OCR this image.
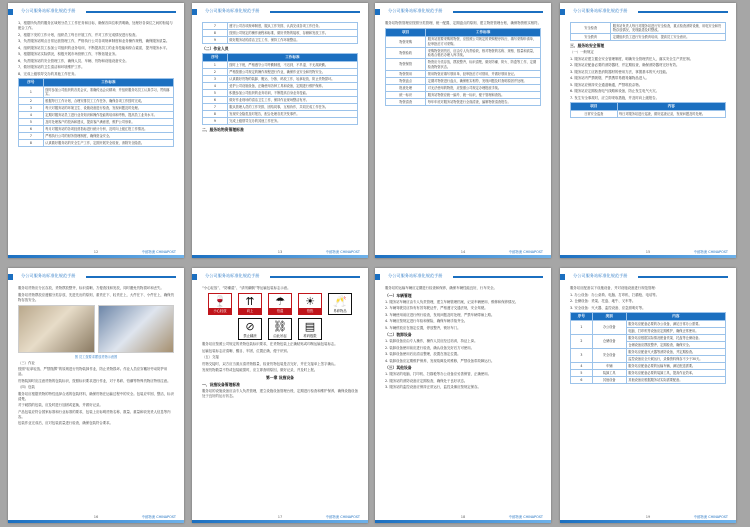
分公司服务站标准化规范手册

1、根据所负责的服务区域划分员工工作任务和目标，确保各岗位职责明确，处理好各岗位之间的衔接与配合工作。

2、根据下发的工作计划，组织员工每日开展工作，并对工作完成情况进行检查。

3、负责服务站网点日常运营管理工作，严格执行公司各项规章制度和业务操作规程，确保服务质量。

4、组织服务站员工参加公司组织的业务培训，不断提高员工的业务技能和综合素质，提升服务水平。

5、根据服务站实际情况，积极开展市场营销工作，不断拓展业务。

6、负责服务站的安全管理工作，确保人员、车辆、货物和设施设备安全。

7、做好服务站的卫生清洁和环境维护工作。

8、完成上级领导交办的其他工作任务。

序号	工作标准
1	按时参加公司组织的各类会议，准确传达会议精神，并组织服务站员工认真学习，贯彻落实。
2	根据每日工作计划，合理安排员工工作任务，确保各项工作按时完成。
3	每天对服务站的环境卫生、设施设备进行检查，发现问题及时处理。
4	定期对服务站员工进行业务知识和操作技能的培训和考核，提高员工业务水平。
5	及时处理客户的投诉和建议，提高客户满意度，维护公司形象。
6	每月对服务站的各项经营指标进行统计分析，及时向上级汇报工作情况。
7	严格执行公司的财务管理制度，确保资金安全。
8	认真做好服务站的安全生产工作，定期开展安全检查，消除安全隐患。
12	中邮物流 CHINAPOST
分公司服务站标准化规范手册
7	遵守公司各项规章制度，服从工作安排，认真完成各项工作任务。
8	按照公司规定的操作流程和标准，做好货物的接收、存储和发放工作。
9	做好服务站的清洁卫生工作，保持工作环境整洁。

（二）作业人员

序号	工作标准
1	按时上下班，严格遵守公司考勤制度，不迟到、不早退、不无故缺勤。
2	严格按照公司规定的操作规程进行作业，确保作业安全和货物安全。
3	认真做好货物的装卸、搬运、分拣、码放工作，轻拿轻放，防止货物损坏。
4	爱护公司设施设备，正确使用各种工具和设备，定期进行维护保养。
5	积极参加公司组织的业务培训，不断提高自身业务技能。
6	做好作业现场的清洁卫生工作，保持作业现场整洁有序。
7	服从管理人员的工作安排，团结同事，互相协作，共同完成工作任务。
8	发现安全隐患及时报告，配合处理各类突发事件。
9	完成上级领导交办的其他工作任务。

二、服务站物资管理标准

13	中邮物流 CHINAPOST
分公司服务站标准化规范手册

服务站物资管理应按照分类管理、统一配置、定期盘点的原则，建立物资管理台账，确保物资账实相符。

项目	工作标准
物资采购	服务站需要采购的物资，应按照公司规定的采购程序执行，填写采购申请单，经审批后方可采购。
物资验收	采购物资到货后，应由专人负责验收，核对物资的名称、规格、数量和质量，验收合格后办理入库手续。
物资保管	物资应分类存放，摆放整齐，标识清楚，做好防潮、防火、防盗等工作，定期检查物资状态。
物资领用	领用物资应填写领用单，经审批后方可领用，并做好领用登记。
物资盘点	定期对物资进行盘点，确保账实相符，发现问题及时查明原因并处理。
报废处理	对无法使用的物资，应按照公司规定办理报废手续。
统一标识	服务站物资应统一编号、统一标识，便于管理和查找。
物资清查	每年年底对服务站物资进行全面清查，编制物资清查报告。
14	中邮物流 CHINAPOST
分公司服务站标准化规范手册
安全检查	服务站负责人每日对服务站进行安全检查，重点检查消防设施、用电安全和货物存放情况，发现隐患及时整改。
安全教育	定期组织员工进行安全教育培训，提高员工安全意识。

三、服务站安全管理

（一）一般规定

1. 服务站应建立健全安全管理制度，明确安全管理责任人，落实安全生产责任制。

2. 服务站应配备必要的消防器材，并定期检查，确保消防器材完好有效。

3. 服务站员工应熟悉消防器材的使用方法，掌握基本的灭火技能。

4. 服务站内严禁吸烟，严禁携带易燃易爆物品进入。

5. 服务站应保持安全通道畅通，严禁堆放杂物。

6. 服务站应定期检查电气线路和设备，防止发生电气火灾。

7. 发生安全事故时，应立即采取措施，并及时向上级报告。

项目	内容
日常安全巡查	每日对服务站进行巡查，做好巡查记录，发现问题及时处理。
15	中邮物流 CHINAPOST
分公司服务站标准化规范手册

服务站货物应分区存放，货物摆放整齐，标识清晰，方便查找和发放，同时避免货物损坏和丢失。

服务站货物摆放应遵循分类存放、先进先出的原则，重货在下、轻货在上，大件在下、小件在上，确保货物存放安全。

图 员工按要求摆放货物示意图

（三）作业

按照“轻拿轻放、严禁抛掷”的原则进行货物装卸作业，防止货物损坏。作业人员应穿戴好劳动防护用品。

货物装卸时应注意货物的包装标识，按照标识要求进行作业，对于易碎、怕潮等特殊货物应特别注意。

（四）包装

服务站应根据货物的特性选择合适的包装材料，确保货物在运输过程中的安全。包装应牢固、整洁，标识清楚。

对于破损的包装，应及时进行加固或更换，并做好记录。

产品包装应符合国家标准和行业标准的要求，包装上应标明货物名称、数量、重量和收发货人信息等内容。

包装作业完成后，应对包装质量进行检查，确保包装符合要求。

16	中邮物流 CHINAPOST
分公司服务站标准化规范手册

“小心轻放”、“防潮湿”、“请勿翻倒”等运输包装标志示意。

🍷
小心轻放
⇈
向上
☂
怕湿
☀
怕热
🥂
易碎物品
⊘
禁止翻滚
⛓
由此吊起
▤
堆码极限

服务站应按照公司规定的货物包装标识要求，在货物包装上正确粘贴或印制运输包装标志。

运输包装标志应清晰、醒目、牢固，位置正确，便于识别。

（五）交接

货物交接时，双方应当面点清货物数量，检查货物包装是否完好，并在交接单上签字确认。

发现货物数量不符或包装破损时，应立即查明原因，做好记录，并及时上报。

第一章 设施设备

一、设施设备管理标准

服务站的设施设备应由专人负责管理，建立设施设备管理台账，定期进行检查和维护保养，确保设施设备处于良好的运行状态。

17	中邮物流 CHINAPOST
分公司服务站标准化规范手册

服务站的运输车辆应定期进行检查和保养，确保车辆性能良好，行车安全。

（一）车辆管理

1. 服务站车辆应由专人负责管理，建立车辆管理档案，记录车辆使用、维修和保养情况。

2. 车辆驾驶员应持有有效驾驶证件，严格遵守交通法规，安全驾驶。

3. 车辆使用前应进行例行检查，发现问题及时处理，严禁车辆带病上路。

4. 车辆应按规定进行年检和保险，确保车辆手续齐全。

5. 车辆停放应在指定位置，停放整齐，锁好车门。

（二）装卸设备

1. 装卸设备应由专人操作，操作人员应经过培训，持证上岗。

2. 装卸设备使用前应进行检查，确认设备完好后方可使用。

3. 装卸设备使用后应清洁整理，放置在指定位置。

4. 装卸设备应定期维护保养，发现故障及时维修，严禁设备带故障运行。

（三）其他设备

1. 服务站的电脑、打印机、扫描枪等办公设备应妥善保管，正确使用。

2. 服务站的消防设备应定期检查，确保处于良好状态。

3. 服务站的监控设备应保持正常运行，监控录像应按规定保存。

18	中邮物流 CHINAPOST
分公司服务站标准化规范手册

服务站应配备以下设施设备，并对设施设备进行规范管理：

1. 办公设备：办公桌椅、电脑、打印机、扫描枪、电话等。

2. 仓储设备：货架、托盘、地牛、叉车等。

3. 安全设备：灭火器、监控设备、应急照明灯等。

序号	类别	内容
1	办公设备	服务站应配备必要的办公设备，满足日常办公需要。
		电脑、打印机等设备应定期维护，确保正常使用。
2	仓储设备	服务站应根据实际情况配备货架、托盘等仓储设备。
		仓储设备应摆放整齐，定期检查，确保安全。
3	安全设备	服务站应配备灭火器等消防设备，并定期检查。
		监控设备应全天候运行，录像资料保存不少于30天。
4	车辆	服务站应配备必要的运输车辆，满足配送需要。
5	装卸工具	服务站应配备必要的装卸工具，提高作业效率。
6	其他设备	其他设备应根据服务站实际需要配备。
19	中邮物流 CHINAPOST
